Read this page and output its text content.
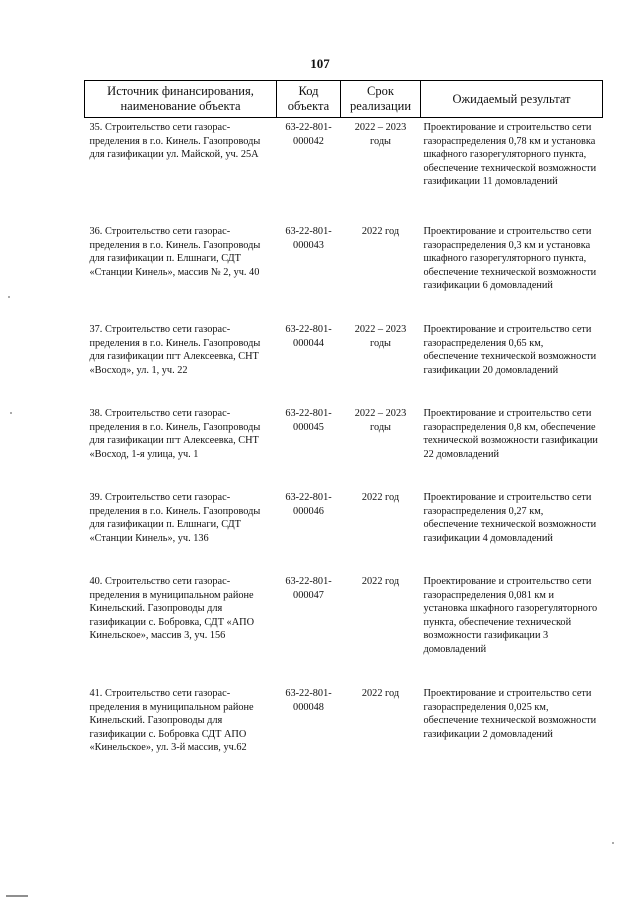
107
Источник финансирования, наименование объекта	Код объекта	Срок реализации	Ожидаемый результат
35. Строительство сети газораспределения в г.о. Кинель. Газопроводы для газификации ул. Майской, уч. 25А	63-22-801-000042	2022 – 2023 годы	Проектирование и строительство сети газораспределения 0,78 км и установка шкафного газорегуляторного пункта, обеспечение технической возможности газификации 11 домовладений
36. Строительство сети газораспределения в г.о. Кинель. Газопроводы для газификации п. Елшнаги, СДТ «Станции Кинель», массив № 2, уч. 40	63-22-801-000043	2022 год	Проектирование и строительство сети газораспределения 0,3 км и установка шкафного газорегуляторного пункта, обеспечение технической возможности газификации 6 домовладений
37. Строительство сети газораспределения в г.о. Кинель. Газопроводы для газификации пгт Алексеевка, СНТ «Восход», ул. 1, уч. 22	63-22-801-000044	2022 – 2023 годы	Проектирование и строительство сети газораспределения 0,65 км, обеспечение технической возможности газификации 20 домовладений
38. Строительство сети газораспределения в г.о. Кинель, Газопроводы для газификации пгт Алексеевка, СНТ «Восход, 1-я улица, уч. 1	63-22-801-000045	2022 – 2023 годы	Проектирование и строительство сети газораспределения 0,8 км, обеспечение технической возможности газификации 22 домовладений
39. Строительство сети газораспределения в г.о. Кинель. Газопроводы для газификации п. Елшнаги, СДТ «Станции Кинель», уч. 136	63-22-801-000046	2022 год	Проектирование и строительство сети газораспределения 0,27 км, обеспечение технической возможности газификации 4 домовладений
40. Строительство сети газораспределения в муниципальном районе Кинельский. Газопроводы для газификации с. Бобровка, СДТ «АПО Кинельское», массив 3, уч. 156	63-22-801-000047	2022 год	Проектирование и строительство сети газораспределения 0,081 км и установка шкафного газорегуляторного пункта, обеспечение технической возможности газификации 3 домовладений
41. Строительство сети газораспределения в муниципальном районе Кинельский. Газопроводы для газификации с. Бобровка СДТ АПО «Кинельское», ул. 3-й массив, уч.62	63-22-801-000048	2022 год	Проектирование и строительство сети газораспределения 0,025 км, обеспечение технической возможности газификации 2 домовладений
